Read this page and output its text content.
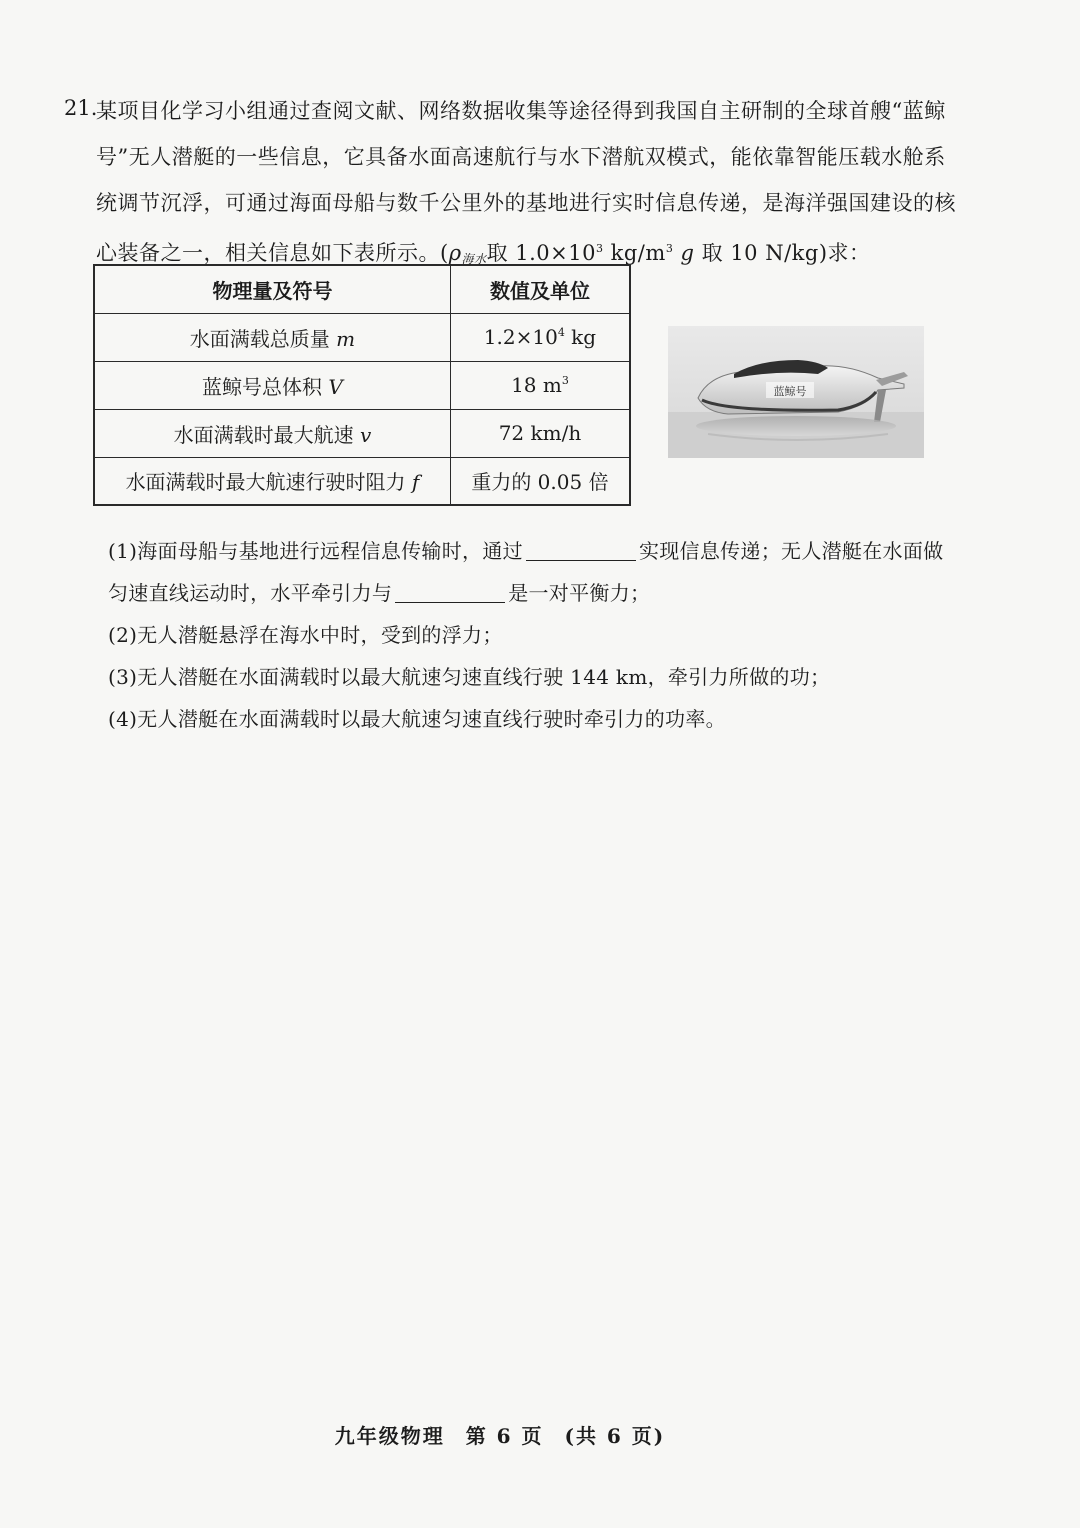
21.
某项目化学习小组通过查阅文献、网络数据收集等途径得到我国自主研制的全球首艘“蓝鲸号”无人潜艇的一些信息，它具备水面高速航行与水下潜航双模式，能依靠智能压载水舱系统调节沉浮，可通过海面母船与数千公里外的基地进行实时信息传递，是海洋强国建设的核心装备之一，相关信息如下表所示。($\rho_{海水}$取 $1.0\times 10^3$ $kg/m^3$ g 取 10 N/kg)求：
物理量及符号	数值及单位
水面满载总质量 m	$1.2\times 10^4$ kg
蓝鲸号总体积 V	18 $m^3$
水面满载时最大航速 v	72 km/h
水面满载时最大航速行驶时阻力 f	重力的 0.05 倍
蓝鲸号
(1)海面母船与基地进行远程信息传输时，通过	实现信息传递；无人潜艇在水面做匀速直线运动时，水平牵引力与	是一对平衡力；
(2)无人潜艇悬浮在海水中时，受到的浮力；
(3)无人潜艇在水面满载时以最大航速匀速直线行驶 144 km，牵引力所做的功；
(4)无人潜艇在水面满载时以最大航速匀速直线行驶时牵引力的功率。
九年级物理 第 6 页 (共 6 页)
